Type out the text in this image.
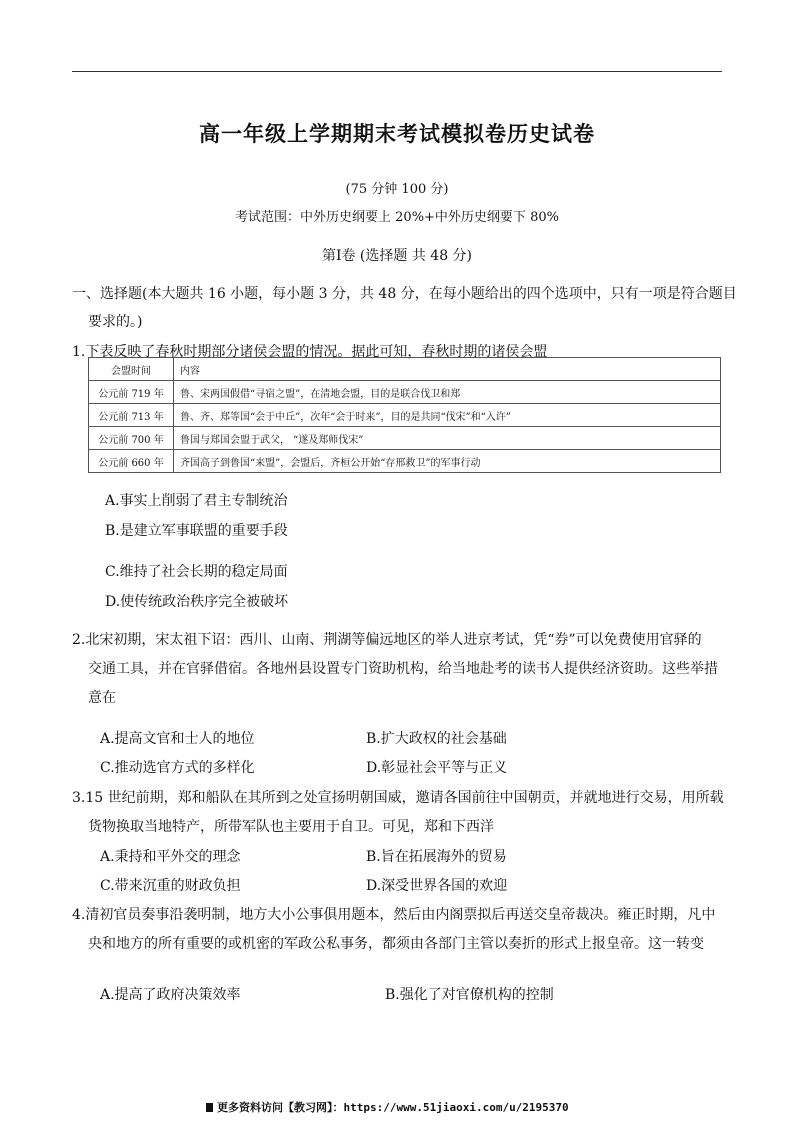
高一年级上学期期末考试模拟卷历史试卷
(75 分钟 100 分)
考试范围：中外历史纲要上 20%+中外历史纲要下 80%
第Ⅰ卷 (选择题 共 48 分)
一、选择题(本大题共 16 小题，每小题 3 分，共 48 分，在每小题给出的四个选项中，只有一项是符合题目
要求的。)
1.下表反映了春秋时期部分诸侯会盟的情况。据此可知，春秋时期的诸侯会盟
会盟时间	内容
公元前 719 年	鲁、宋两国假借“寻宿之盟”，在清地会盟，目的是联合伐卫和郑
公元前 713 年	鲁、齐、郑等国“会于中丘”，次年“会于时来”，目的是共同“伐宋”和“入许”
公元前 700 年	鲁国与郑国会盟于武父， “遂及郑师伐宋”
公元前 660 年	齐国高子到鲁国“来盟”，会盟后，齐桓公开始“存邢救卫”的军事行动
A.事实上削弱了君主专制统治
B.是建立军事联盟的重要手段
C.维持了社会长期的稳定局面
D.使传统政治秩序完全被破坏
2.北宋初期，宋太祖下诏：西川、山南、荆湖等偏远地区的举人进京考试，凭“券”可以免费使用官驿的
交通工具，并在官驿借宿。各地州县设置专门资助机构，给当地赴考的读书人提供经济资助。这些举措
意在
A.提高文官和士人的地位	B.扩大政权的社会基础
C.推动选官方式的多样化	D.彰显社会平等与正义
3.15 世纪前期，郑和船队在其所到之处宣扬明朝国威，邀请各国前往中国朝贡，并就地进行交易，用所载
货物换取当地特产，所带军队也主要用于自卫。可见，郑和下西洋
A.秉持和平外交的理念	B.旨在拓展海外的贸易
C.带来沉重的财政负担	D.深受世界各国的欢迎
4.清初官员奏事沿袭明制，地方大小公事俱用题本，然后由内阁票拟后再送交皇帝裁决。雍正时期，凡中
央和地方的所有重要的或机密的军政公私事务，都须由各部门主管以奏折的形式上报皇帝。这一转变
A.提高了政府决策效率	B.强化了对官僚机构的控制
更多资料访问【教习网】：https://www.51jiaoxi.com/u/2195370
